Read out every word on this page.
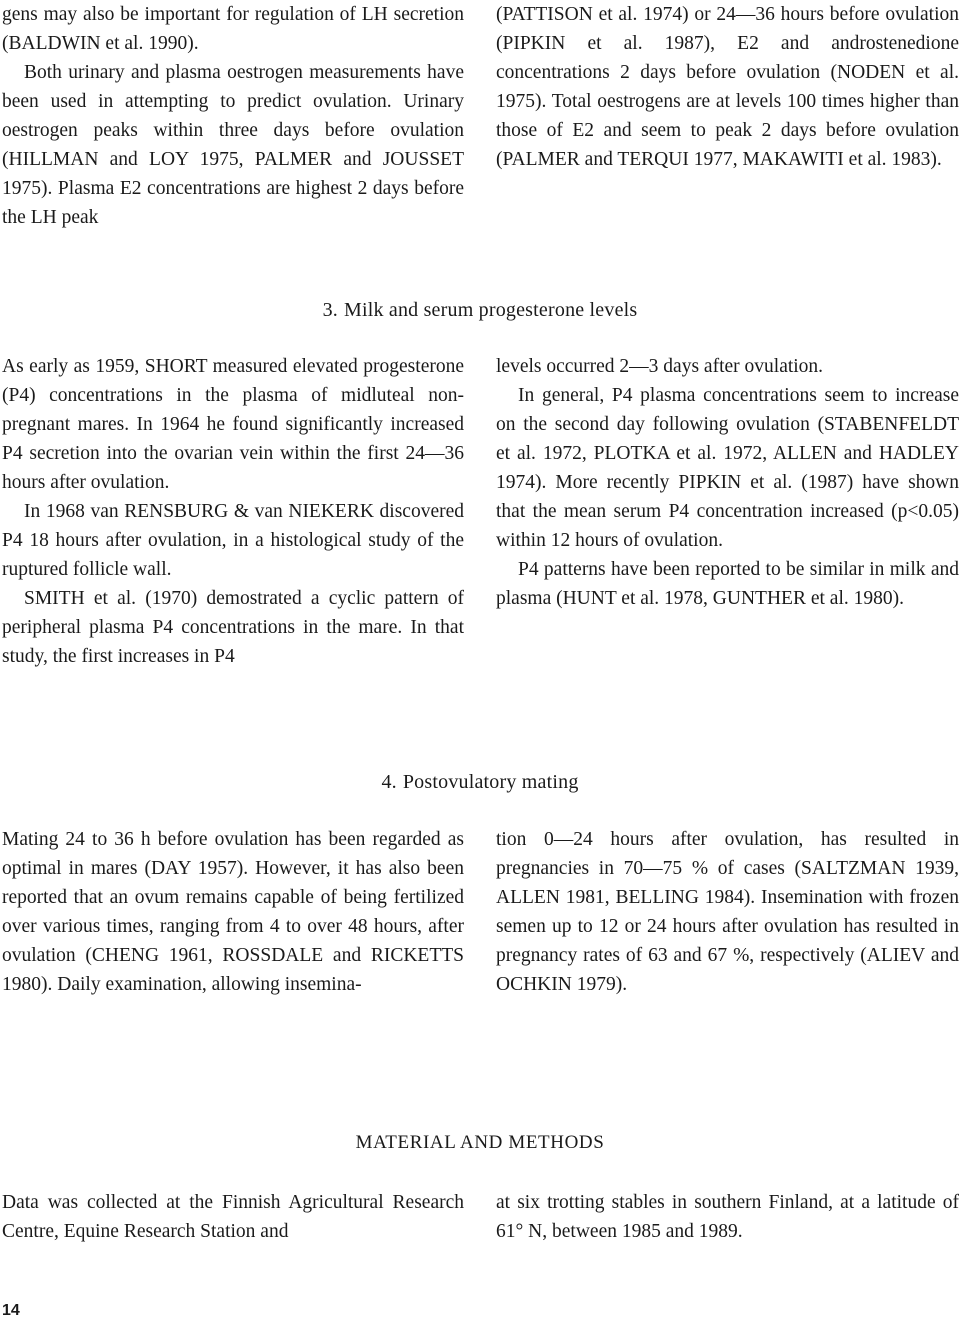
gens may also be important for regulation of LH secretion (BALDWIN et al. 1990).

Both urinary and plasma oestrogen measurements have been used in attempting to predict ovulation. Urinary oestrogen peaks within three days before ovulation (HILLMAN and LOY 1975, PALMER and JOUSSET 1975). Plasma E2 concentrations are highest 2 days before the LH peak

(PATTISON et al. 1974) or 24—36 hours before ovulation (PIPKIN et al. 1987), E2 and androstenedione concentrations 2 days before ovulation (NODEN et al. 1975). Total oestrogens are at levels 100 times higher than those of E2 and seem to peak 2 days before ovulation (PALMER and TERQUI 1977, MAKAWITI et al. 1983).

3. Milk and serum progesterone levels

As early as 1959, SHORT measured elevated progesterone (P4) concentrations in the plasma of midluteal non-pregnant mares. In 1964 he found significantly increased P4 secretion into the ovarian vein within the first 24—36 hours after ovulation.

In 1968 van RENSBURG & van NIEKERK discovered P4 18 hours after ovulation, in a histological study of the ruptured follicle wall.

SMITH et al. (1970) demostrated a cyclic pattern of peripheral plasma P4 concentrations in the mare. In that study, the first increases in P4

levels occurred 2—3 days after ovulation.

In general, P4 plasma concentrations seem to increase on the second day following ovulation (STABENFELDT et al. 1972, PLOTKA et al. 1972, ALLEN and HADLEY 1974). More recently PIPKIN et al. (1987) have shown that the mean serum P4 concentration increased (p<0.05) within 12 hours of ovulation.

P4 patterns have been reported to be similar in milk and plasma (HUNT et al. 1978, GUNTHER et al. 1980).

4. Postovulatory mating

Mating 24 to 36 h before ovulation has been regarded as optimal in mares (DAY 1957). However, it has also been reported that an ovum remains capable of being fertilized over various times, ranging from 4 to over 48 hours, after ovulation (CHENG 1961, ROSSDALE and RICKETTS 1980). Daily examination, allowing insemina-

tion 0—24 hours after ovulation, has resulted in pregnancies in 70—75 % of cases (SALTZMAN 1939, ALLEN 1981, BELLING 1984). Insemination with frozen semen up to 12 or 24 hours after ovulation has resulted in pregnancy rates of 63 and 67 %, respectively (ALIEV and OCHKIN 1979).

MATERIAL AND METHODS

Data was collected at the Finnish Agricultural Research Centre, Equine Research Station and

at six trotting stables in southern Finland, at a latitude of 61° N, between 1985 and 1989.

14
